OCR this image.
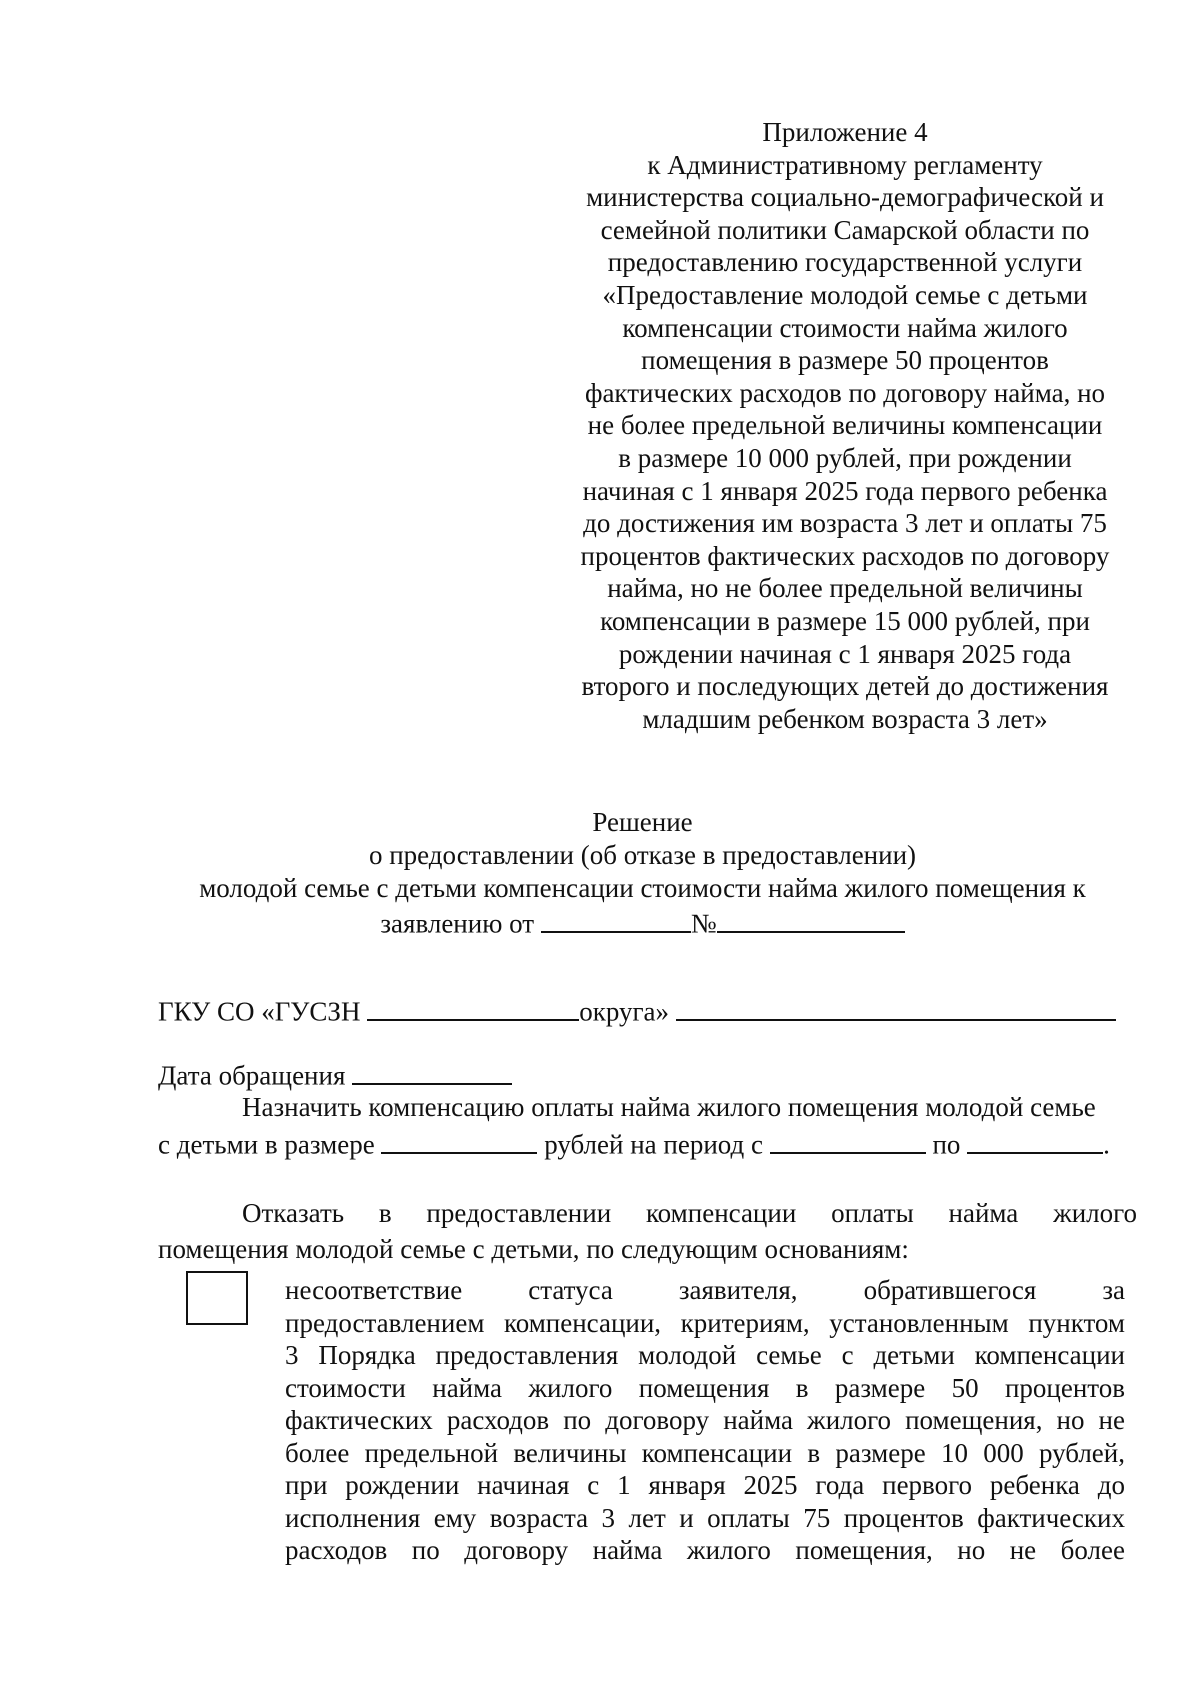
Приложение 4
к Административному регламенту
министерства социально-демографической и
семейной политики Самарской области по
предоставлению государственной услуги
«Предоставление молодой семье с детьми
компенсации стоимости найма жилого
помещения в размере 50 процентов
фактических расходов по договору найма, но
не более предельной величины компенсации
в размере 10 000 рублей, при рождении
начиная с 1 января 2025 года первого ребенка
до достижения им возраста 3 лет и оплаты 75
процентов фактических расходов по договору
найма, но не более предельной величины
компенсации в размере 15 000 рублей, при
рождении начиная с 1 января 2025 года
второго и последующих детей до достижения
младшим ребенком возраста 3 лет»
Решение
о предоставлении (об отказе в предоставлении)
молодой семье с детьми компенсации стоимости найма жилого помещения к
заявлению от	№
ГКУ СО «ГУСЗН	округа»
Дата обращения
Назначить компенсацию оплаты найма жилого помещения молодой семье
с детьми в размере	рублей на период с	по	.
Отказать в предоставлении компенсации оплаты найма жилого
помещения молодой семье с детьми, по следующим основаниям:
несоответствие статуса заявителя, обратившегося за
предоставлением компенсации, критериям, установленным пунктом
3 Порядка предоставления молодой семье с детьми компенсации
стоимости найма жилого помещения в размере 50 процентов
фактических расходов по договору найма жилого помещения, но не
более предельной величины компенсации в размере 10 000 рублей,
при рождении начиная с 1 января 2025 года первого ребенка до
исполнения ему возраста 3 лет и оплаты 75 процентов фактических
расходов по договору найма жилого помещения, но не более
